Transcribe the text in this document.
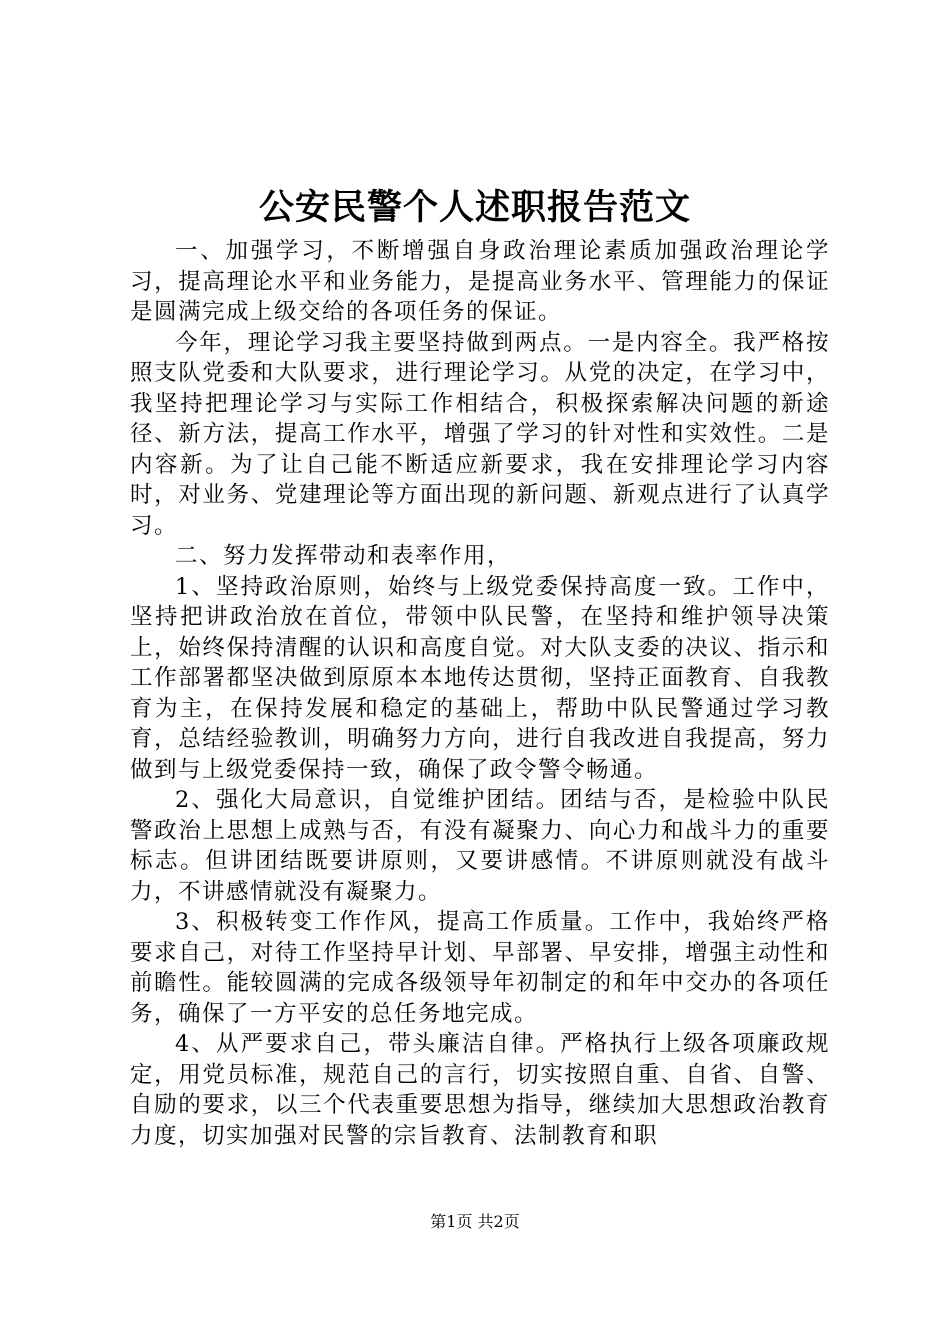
公安民警个人述职报告范文

一、加强学习，不断增强自身政治理论素质加强政治理论学习，提高理论水平和业务能力，是提高业务水平、管理能力的保证是圆满完成上级交给的各项任务的保证。

今年，理论学习我主要坚持做到两点。一是内容全。我严格按照支队党委和大队要求，进行理论学习。从党的决定，在学习中，我坚持把理论学习与实际工作相结合，积极探索解决问题的新途径、新方法，提高工作水平，增强了学习的针对性和实效性。二是内容新。为了让自己能不断适应新要求，我在安排理论学习内容时，对业务、党建理论等方面出现的新问题、新观点进行了认真学习。

二、努力发挥带动和表率作用，

1、坚持政治原则，始终与上级党委保持高度一致。工作中，坚持把讲政治放在首位，带领中队民警，在坚持和维护领导决策上，始终保持清醒的认识和高度自觉。对大队支委的决议、指示和工作部署都坚决做到原原本本地传达贯彻，坚持正面教育、自我教育为主，在保持发展和稳定的基础上，帮助中队民警通过学习教育，总结经验教训，明确努力方向，进行自我改进自我提高，努力做到与上级党委保持一致，确保了政令警令畅通。

2、强化大局意识，自觉维护团结。团结与否，是检验中队民警政治上思想上成熟与否，有没有凝聚力、向心力和战斗力的重要标志。但讲团结既要讲原则，又要讲感情。不讲原则就没有战斗力，不讲感情就没有凝聚力。

3、积极转变工作作风，提高工作质量。工作中，我始终严格要求自己，对待工作坚持早计划、早部署、早安排，增强主动性和前瞻性。能较圆满的完成各级领导年初制定的和年中交办的各项任务，确保了一方平安的总任务地完成。

4、从严要求自己，带头廉洁自律。严格执行上级各项廉政规定，用党员标准，规范自己的言行，切实按照自重、自省、自警、自励的要求，以三个代表重要思想为指导，继续加大思想政治教育力度，切实加强对民警的宗旨教育、法制教育和职

第1页 共2页
